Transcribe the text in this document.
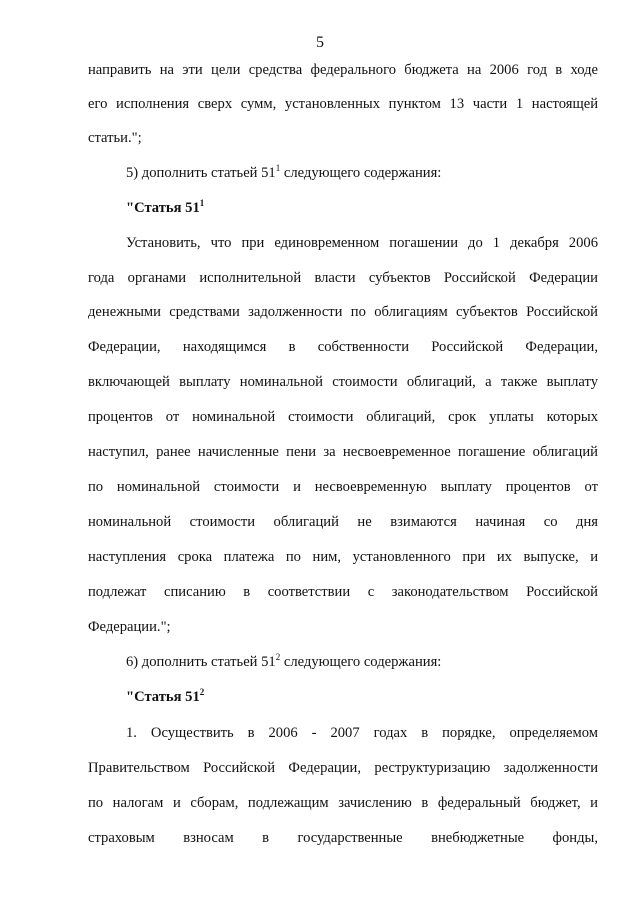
5
направить на эти цели средства федерального бюджета на 2006 год в ходе
его исполнения сверх сумм, установленных пунктом 13 части 1 настоящей
статьи.";
5) дополнить статьей $51^1$ следующего содержания:
"Статья $51^1$
Установить, что при единовременном погашении до 1 декабря 2006
года органами исполнительной власти субъектов Российской Федерации
денежными средствами задолженности по облигациям субъектов Российской
Федерации, находящимся в собственности Российской Федерации,
включающей выплату номинальной стоимости облигаций, а также выплату
процентов от номинальной стоимости облигаций, срок уплаты которых
наступил, ранее начисленные пени за несвоевременное погашение облигаций
по номинальной стоимости и несвоевременную выплату процентов от
номинальной стоимости облигаций не взимаются начиная со дня
наступления срока платежа по ним, установленного при их выпуске, и
подлежат списанию в соответствии с законодательством Российской
Федерации.";
6) дополнить статьей $51^2$ следующего содержания:
"Статья $51^2$
1. Осуществить в 2006 - 2007 годах в порядке, определяемом
Правительством Российской Федерации, реструктуризацию задолженности
по налогам и сборам, подлежащим зачислению в федеральный бюджет, и
страховым взносам в государственные внебюджетные фонды,
